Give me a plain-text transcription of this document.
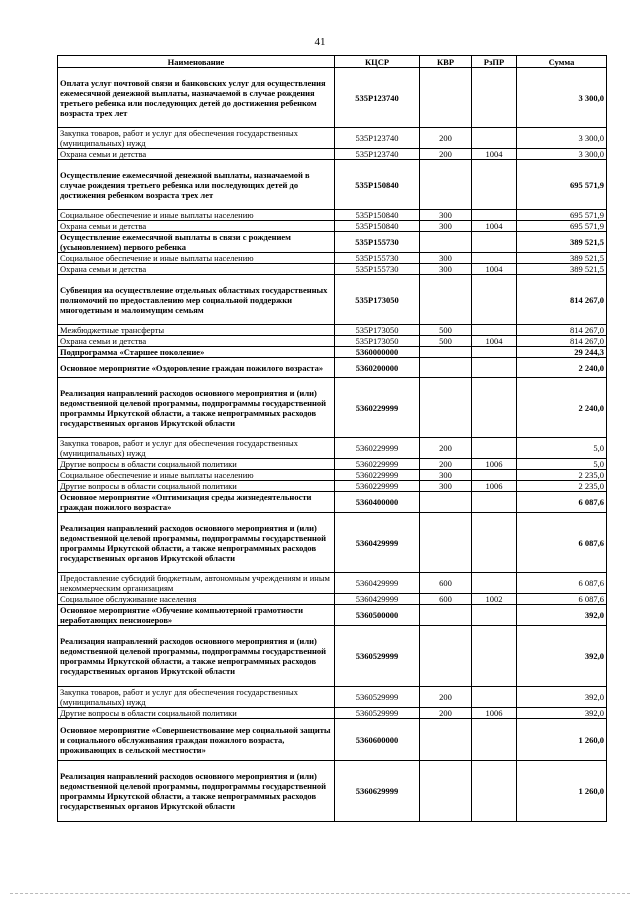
41
Наименование	КЦСР	КВР	РзПР	Сумма
Оплата услуг почтовой связи и банковских услуг для осуществления ежемесячной денежной выплаты, назначаемой в случае рождения третьего ребенка или последующих детей до достижения ребенком возраста трех лет	535P123740			3 300,0
Закупка товаров, работ и услуг для обеспечения государственных (муниципальных) нужд	535P123740	200		3 300,0
Охрана семьи и детства	535P123740	200	1004	3 300,0
Осуществление ежемесячной денежной выплаты, назначаемой в случае рождения третьего ребенка или последующих детей до достижения ребенком возраста трех лет	535P150840			695 571,9
Социальное обеспечение и иные выплаты населению	535P150840	300		695 571,9
Охрана семьи и детства	535P150840	300	1004	695 571,9
Осуществление ежемесячной выплаты в связи с рождением (усыновлением) первого ребенка	535P155730			389 521,5
Социальное обеспечение и иные выплаты населению	535P155730	300		389 521,5
Охрана семьи и детства	535P155730	300	1004	389 521,5
Субвенция на осуществление отдельных областных государственных полномочий по предоставлению мер социальной поддержки многодетным и малоимущим семьям	535P173050			814 267,0
Межбюджетные трансферты	535P173050	500		814 267,0
Охрана семьи и детства	535P173050	500	1004	814 267,0
Подпрограмма «Старшее поколение»	5360000000			29 244,3
Основное мероприятие «Оздоровление граждан пожилого возраста»	5360200000			2 240,0
Реализация направлений расходов основного мероприятия и (или) ведомственной целевой программы, подпрограммы государственной программы Иркутской области, а также непрограммных расходов государственных органов Иркутской области	5360229999			2 240,0
Закупка товаров, работ и услуг для обеспечения государственных (муниципальных) нужд	5360229999	200		5,0
Другие вопросы в области социальной политики	5360229999	200	1006	5,0
Социальное обеспечение и иные выплаты населению	5360229999	300		2 235,0
Другие вопросы в области социальной политики	5360229999	300	1006	2 235,0
Основное мероприятие «Оптимизация среды жизнедеятельности граждан пожилого возраста»	5360400000			6 087,6
Реализация направлений расходов основного мероприятия и (или) ведомственной целевой программы, подпрограммы государственной программы Иркутской области, а также непрограммных расходов государственных органов Иркутской области	5360429999			6 087,6
Предоставление субсидий бюджетным, автономным учреждениям и иным некоммерческим организациям	5360429999	600		6 087,6
Социальное обслуживание населения	5360429999	600	1002	6 087,6
Основное мероприятие «Обучение компьютерной грамотности неработающих пенсионеров»	5360500000			392,0
Реализация направлений расходов основного мероприятия и (или) ведомственной целевой программы, подпрограммы государственной программы Иркутской области, а также непрограммных расходов государственных органов Иркутской области	5360529999			392,0
Закупка товаров, работ и услуг для обеспечения государственных (муниципальных) нужд	5360529999	200		392,0
Другие вопросы в области социальной политики	5360529999	200	1006	392,0
Основное мероприятие «Совершенствование мер социальной защиты и социального обслуживания граждан пожилого возраста, проживающих в сельской местности»	5360600000			1 260,0
Реализация направлений расходов основного мероприятия и (или) ведомственной целевой программы, подпрограммы государственной программы Иркутской области, а также непрограммных расходов государственных органов Иркутской области	5360629999			1 260,0
